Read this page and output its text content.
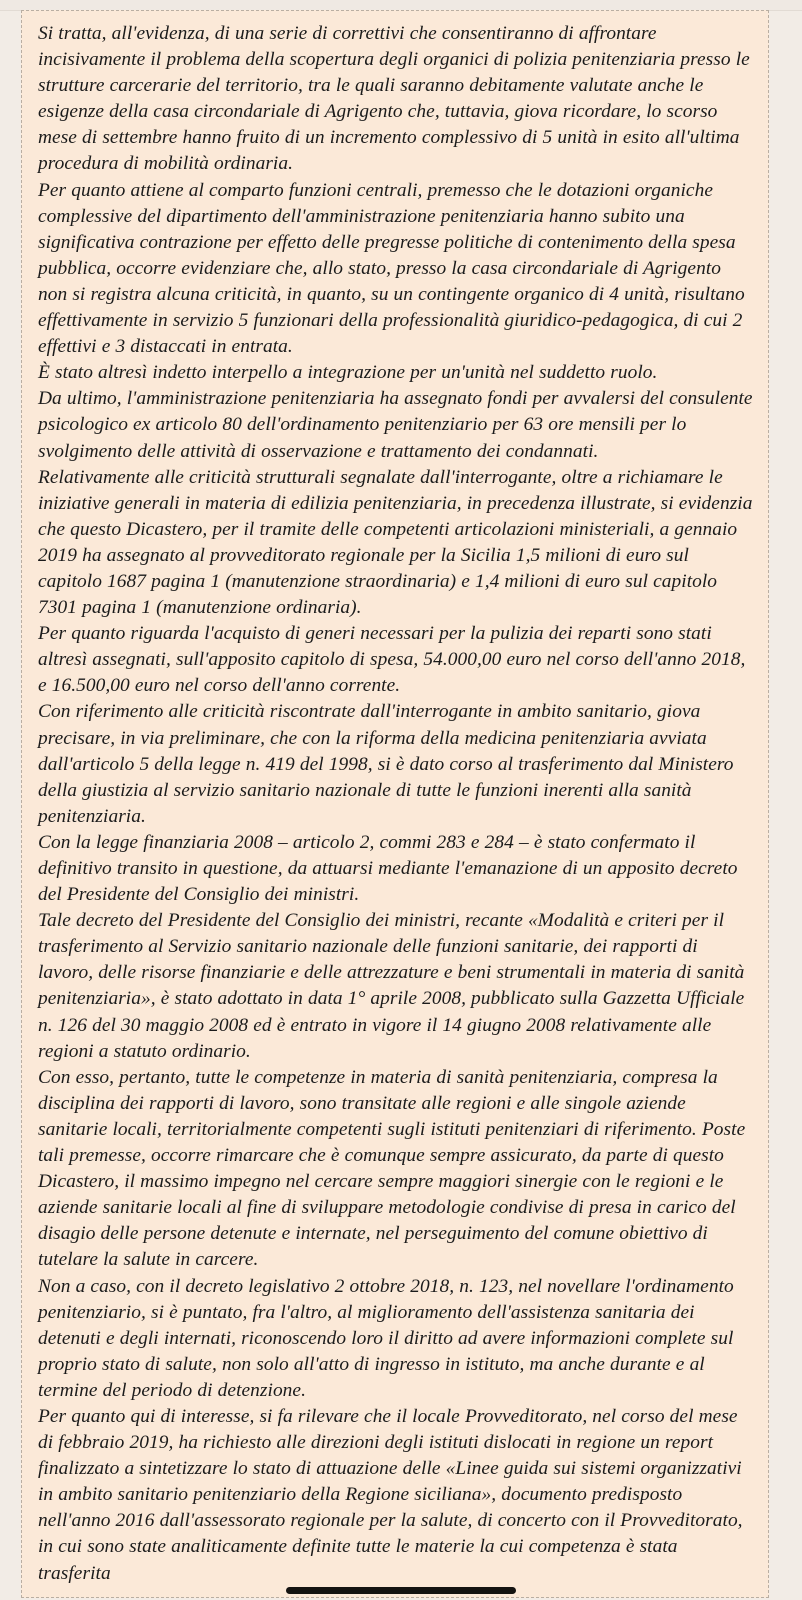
Si tratta, all'evidenza, di una serie di correttivi che consentiranno di affrontare incisivamente il problema della scopertura degli organici di polizia penitenziaria presso le strutture carcerarie del territorio, tra le quali saranno debitamente valutate anche le esigenze della casa circondariale di Agrigento che, tuttavia, giova ricordare, lo scorso mese di settembre hanno fruito di un incremento complessivo di 5 unità in esito all'ultima procedura di mobilità ordinaria.

Per quanto attiene al comparto funzioni centrali, premesso che le dotazioni organiche complessive del dipartimento dell'amministrazione penitenziaria hanno subito una significativa contrazione per effetto delle pregresse politiche di contenimento della spesa pubblica, occorre evidenziare che, allo stato, presso la casa circondariale di Agrigento non si registra alcuna criticità, in quanto, su un contingente organico di 4 unità, risultano effettivamente in servizio 5 funzionari della professionalità giuridico-pedagogica, di cui 2 effettivi e 3 distaccati in entrata.

È stato altresì indetto interpello a integrazione per un'unità nel suddetto ruolo.

Da ultimo, l'amministrazione penitenziaria ha assegnato fondi per avvalersi del consulente psicologico ex articolo 80 dell'ordinamento penitenziario per 63 ore mensili per lo svolgimento delle attività di osservazione e trattamento dei condannati.

Relativamente alle criticità strutturali segnalate dall'interrogante, oltre a richiamare le iniziative generali in materia di edilizia penitenziaria, in precedenza illustrate, si evidenzia che questo Dicastero, per il tramite delle competenti articolazioni ministeriali, a gennaio 2019 ha assegnato al provveditorato regionale per la Sicilia 1,5 milioni di euro sul capitolo 1687 pagina 1 (manutenzione straordinaria) e 1,4 milioni di euro sul capitolo 7301 pagina 1 (manutenzione ordinaria).

Per quanto riguarda l'acquisto di generi necessari per la pulizia dei reparti sono stati altresì assegnati, sull'apposito capitolo di spesa, 54.000,00 euro nel corso dell'anno 2018, e 16.500,00 euro nel corso dell'anno corrente.

Con riferimento alle criticità riscontrate dall'interrogante in ambito sanitario, giova precisare, in via preliminare, che con la riforma della medicina penitenziaria avviata dall'articolo 5 della legge n. 419 del 1998, si è dato corso al trasferimento dal Ministero della giustizia al servizio sanitario nazionale di tutte le funzioni inerenti alla sanità penitenziaria.

Con la legge finanziaria 2008 – articolo 2, commi 283 e 284 – è stato confermato il definitivo transito in questione, da attuarsi mediante l'emanazione di un apposito decreto del Presidente del Consiglio dei ministri.

Tale decreto del Presidente del Consiglio dei ministri, recante «Modalità e criteri per il trasferimento al Servizio sanitario nazionale delle funzioni sanitarie, dei rapporti di lavoro, delle risorse finanziarie e delle attrezzature e beni strumentali in materia di sanità penitenziaria», è stato adottato in data 1° aprile 2008, pubblicato sulla Gazzetta Ufficiale n. 126 del 30 maggio 2008 ed è entrato in vigore il 14 giugno 2008 relativamente alle regioni a statuto ordinario.

Con esso, pertanto, tutte le competenze in materia di sanità penitenziaria, compresa la disciplina dei rapporti di lavoro, sono transitate alle regioni e alle singole aziende sanitarie locali, territorialmente competenti sugli istituti penitenziari di riferimento. Poste tali premesse, occorre rimarcare che è comunque sempre assicurato, da parte di questo Dicastero, il massimo impegno nel cercare sempre maggiori sinergie con le regioni e le aziende sanitarie locali al fine di sviluppare metodologie condivise di presa in carico del disagio delle persone detenute e internate, nel perseguimento del comune obiettivo di tutelare la salute in carcere.

Non a caso, con il decreto legislativo 2 ottobre 2018, n. 123, nel novellare l'ordinamento penitenziario, si è puntato, fra l'altro, al miglioramento dell'assistenza sanitaria dei detenuti e degli internati, riconoscendo loro il diritto ad avere informazioni complete sul proprio stato di salute, non solo all'atto di ingresso in istituto, ma anche durante e al termine del periodo di detenzione.

Per quanto qui di interesse, si fa rilevare che il locale Provveditorato, nel corso del mese di febbraio 2019, ha richiesto alle direzioni degli istituti dislocati in regione un report finalizzato a sintetizzare lo stato di attuazione delle «Linee guida sui sistemi organizzativi in ambito sanitario penitenziario della Regione siciliana», documento predisposto nell'anno 2016 dall'assessorato regionale per la salute, di concerto con il Provveditorato, in cui sono state analiticamente definite tutte le materie la cui competenza è stata trasferita
